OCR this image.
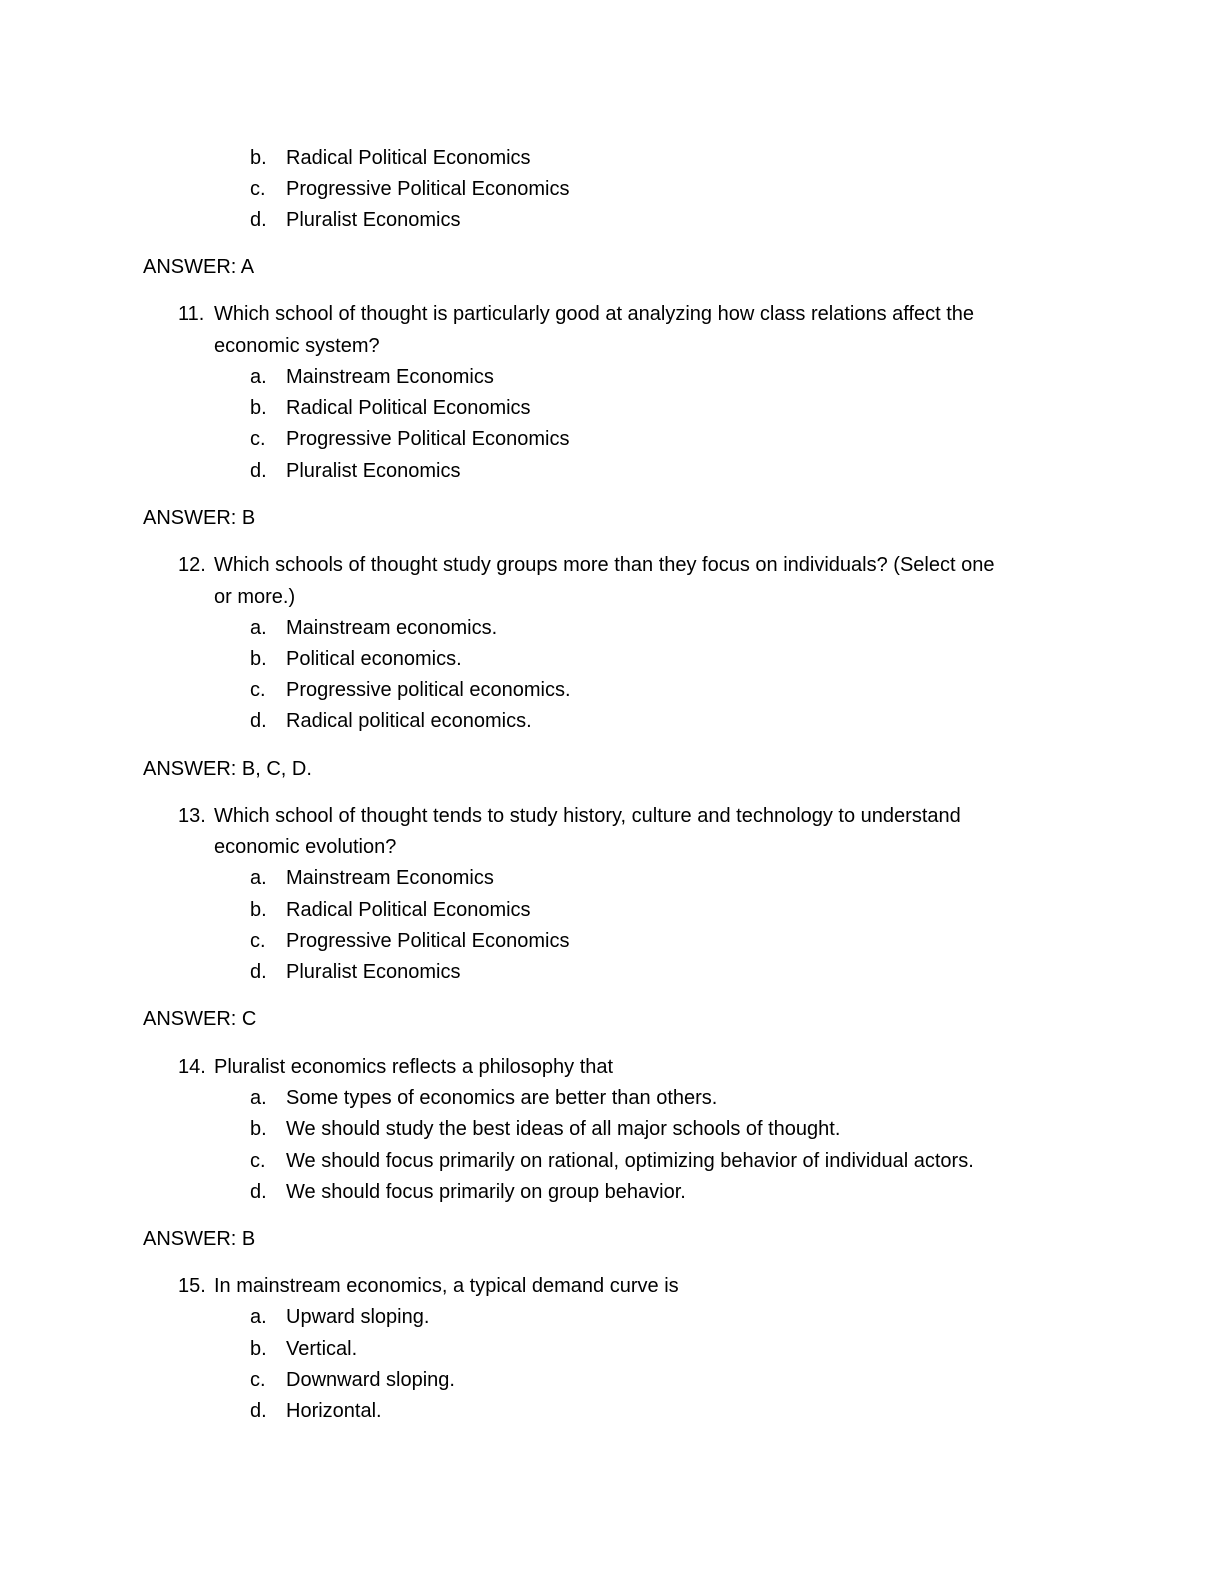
b. Radical Political Economics
c. Progressive Political Economics
d. Pluralist Economics
ANSWER: A
11. Which school of thought is particularly good at analyzing how class relations affect the
economic system?
a. Mainstream Economics
b. Radical Political Economics
c. Progressive Political Economics
d. Pluralist Economics
ANSWER: B
12. Which schools of thought study groups more than they focus on individuals? (Select one
or more.)
a. Mainstream economics.
b. Political economics.
c. Progressive political economics.
d. Radical political economics.
ANSWER: B, C, D.
13. Which school of thought tends to study history, culture and technology to understand
economic evolution?
a. Mainstream Economics
b. Radical Political Economics
c. Progressive Political Economics
d. Pluralist Economics
ANSWER: C
14. Pluralist economics reflects a philosophy that
a. Some types of economics are better than others.
b. We should study the best ideas of all major schools of thought.
c. We should focus primarily on rational, optimizing behavior of individual actors.
d. We should focus primarily on group behavior.
ANSWER: B
15. In mainstream economics, a typical demand curve is
a. Upward sloping.
b. Vertical.
c. Downward sloping.
d. Horizontal.
